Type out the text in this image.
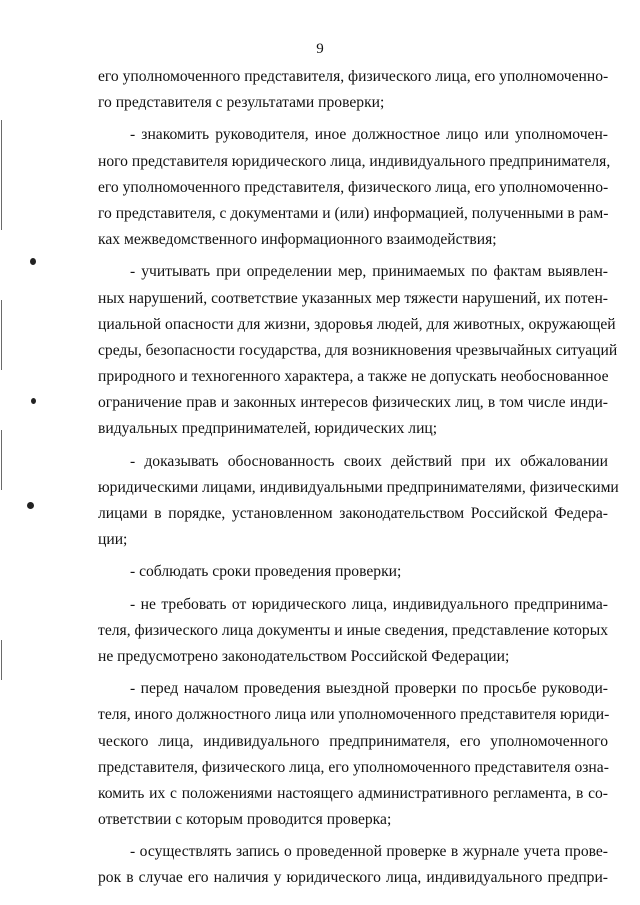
9
его уполномоченного представителя, физического лица, его уполномоченно-
го представителя с результатами проверки;
- знакомить руководителя, иное должностное лицо или уполномочен-
ного представителя юридического лица, индивидуального предпринимателя,
его уполномоченного представителя, физического лица, его уполномоченно-
го представителя, с документами и (или) информацией, полученными в рам-
ках межведомственного информационного взаимодействия;
- учитывать при определении мер, принимаемых по фактам выявлен-
ных нарушений, соответствие указанных мер тяжести нарушений, их потен-
циальной опасности для жизни, здоровья людей, для животных, окружающей
среды, безопасности государства, для возникновения чрезвычайных ситуаций
природного и техногенного характера, а также не допускать необоснованное
ограничение прав и законных интересов физических лиц, в том числе инди-
видуальных предпринимателей, юридических лиц;
- доказывать обоснованность своих действий при их обжаловании
юридическими лицами, индивидуальными предпринимателями, физическими
лицами в порядке, установленном законодательством Российской Федера-
ции;
- соблюдать сроки проведения проверки;
- не требовать от юридического лица, индивидуального предпринима-
теля, физического лица документы и иные сведения, представление которых
не предусмотрено законодательством Российской Федерации;
- перед началом проведения выездной проверки по просьбе руководи-
теля, иного должностного лица или уполномоченного представителя юриди-
ческого лица, индивидуального предпринимателя, его уполномоченного
представителя, физического лица, его уполномоченного представителя озна-
комить их с положениями настоящего административного регламента, в со-
ответствии с которым проводится проверка;
- осуществлять запись о проведенной проверке в журнале учета прове-
рок в случае его наличия у юридического лица, индивидуального предпри-
